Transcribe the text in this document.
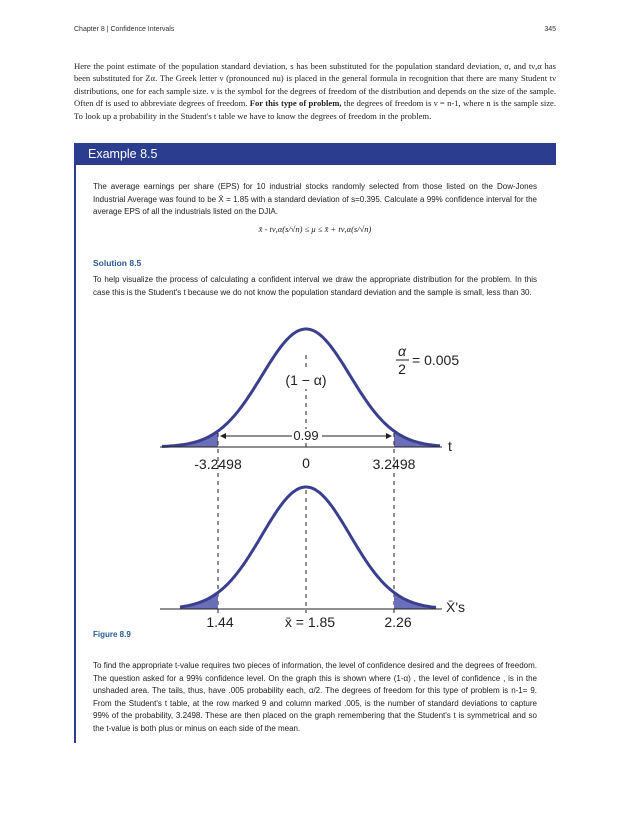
Chapter 8 | Confidence Intervals	345
Here the point estimate of the population standard deviation, s has been substituted for the population standard deviation, σ, and tν,α has been substituted for Zα. The Greek letter ν (pronounced nu) is placed in the general formula in recognition that there are many Student tν distributions, one for each sample size. ν is the symbol for the degrees of freedom of the distribution and depends on the size of the sample. Often df is used to abbreviate degrees of freedom. For this type of problem, the degrees of freedom is ν = n-1, where n is the sample size. To look up a probability in the Student's t table we have to know the degrees of freedom in the problem.
Example 8.5
The average earnings per share (EPS) for 10 industrial stocks randomly selected from those listed on the Dow-Jones Industrial Average was found to be X̄ = 1.85 with a standard deviation of s=0.395. Calculate a 99% confidence interval for the average EPS of all the industrials listed on the DJIA.
x̄ - tν,α(s/√n) ≤ μ ≤ x̄ + tν,α(s/√n)
Solution 8.5
To help visualize the process of calculating a confident interval we draw the appropriate distribution for the problem. In this case this is the Student's t because we do not know the population standard deviation and the sample is small, less than 30.
0.99
(1 − α)
α
2
= 0.005
t
-3.2498	0	3.2498
X̄'s
1.44	x̄ = 1.85	2.26
Figure 8.9
To find the appropriate t-value requires two pieces of information, the level of confidence desired and the degrees of freedom. The question asked for a 99% confidence level. On the graph this is shown where (1-α) , the level of confidence , is in the unshaded area. The tails, thus, have .005 probability each, α/2. The degrees of freedom for this type of problem is n-1= 9. From the Student's t table, at the row marked 9 and column marked .005, is the number of standard deviations to capture 99% of the probability, 3.2498. These are then placed on the graph remembering that the Student's t is symmetrical and so the t-value is both plus or minus on each side of the mean.
